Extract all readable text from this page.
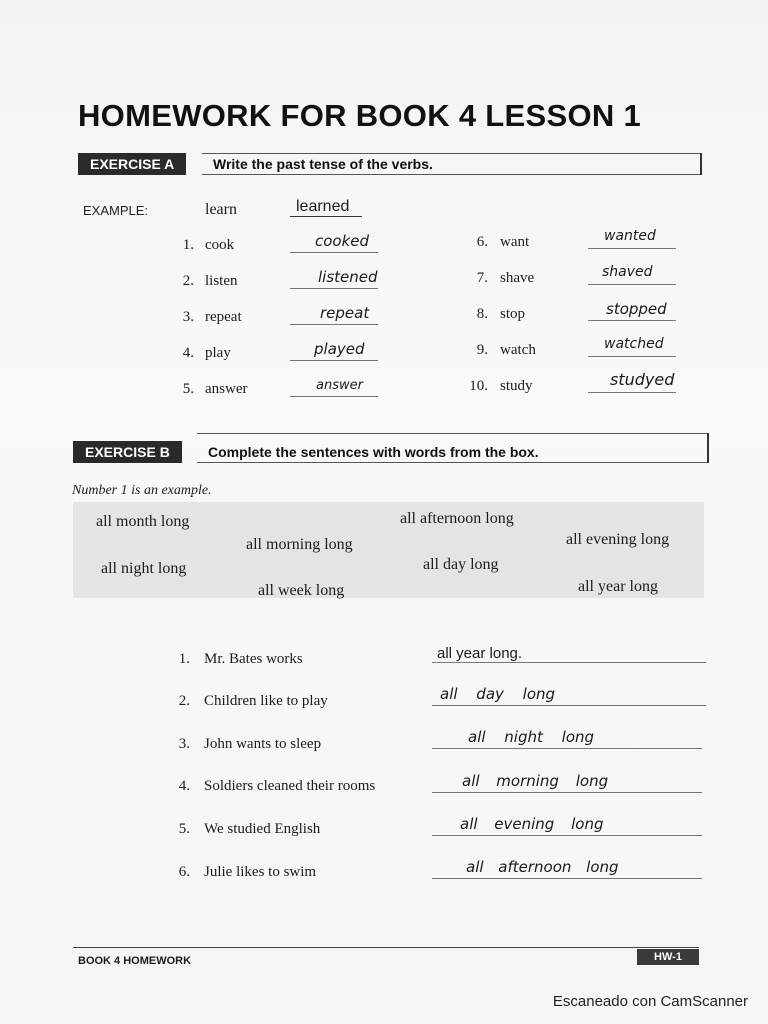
HOMEWORK FOR BOOK 4 LESSON 1
EXERCISE A	Write the past tense of the verbs.
EXAMPLE:	learn	learned
1. cook	cooked
2. listen	listened
3. repeat	repeat
4. play	played
5. answer	answer
6. want	wanted
7. shave	shaved
8. stop	stopped
9. watch	watched
10. study	studyed
EXERCISE B	Complete the sentences with words from the box.
Number 1 is an example.
all month long	all afternoon long
all evening long
all morning long
all night long	all day long
all year long
all week long
1. Mr. Bates works	all year long.
2. Children like to play	all day long
3. John wants to sleep	all night long
4. Soldiers cleaned their rooms	all morning long
5. We studied English	all evening long
6. Julie likes to swim	all afternoon long
BOOK 4 HOMEWORK	HW-1
Escaneado con CamScanner
